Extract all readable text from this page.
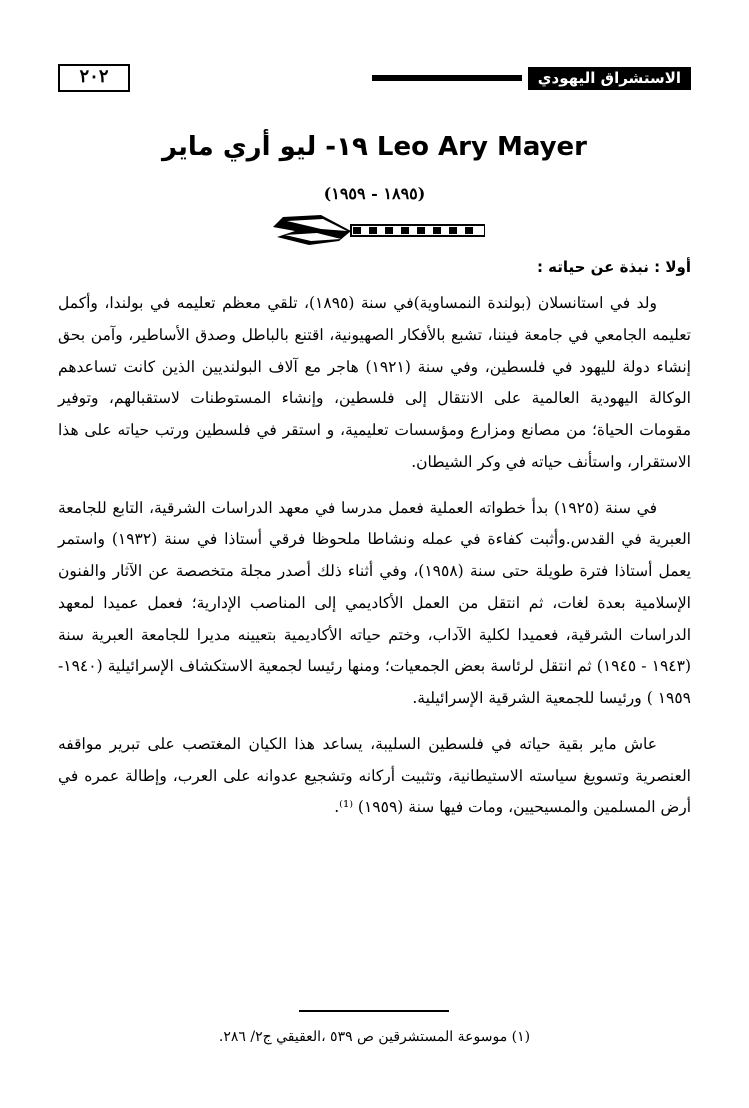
الاستشراق اليهودي
٢٠٢
Leo Ary Mayer ١٩- ليو أري ماير
(١٨٩٥ - ١٩٥٩)
أولا : نبذة عن حياته :

ولد في استانسلان (بولندة النمساوية)في سنة (١٨٩٥)، تلقي معظم تعليمه في بولندا، وأكمل تعليمه الجامعي في جامعة فيننا، تشبع بالأفكار الصهيونية، اقتنع بالباطل وصدق الأساطير، وآمن بحق إنشاء دولة لليهود في فلسطين، وفي سنة (١٩٢١) هاجر مع آلاف البولنديين الذين كانت تساعدهم الوكالة اليهودية العالمية على الانتقال إلى فلسطين، وإنشاء المستوطنات لاستقبالهم، وتوفير مقومات الحياة؛ من مصانع ومزارع ومؤسسات تعليمية، و استقر في فلسطين ورتب حياته على هذا الاستقرار، واستأنف حياته في وكر الشيطان.

في سنة (١٩٢٥) بدأ خطواته العملية فعمل مدرسا في معهد الدراسات الشرقية، التابع للجامعة العبرية في القدس.وأثبت كفاءة في عمله ونشاطا ملحوظا فرقي أستاذا في سنة (١٩٣٢) واستمر يعمل أستاذا فترة طويلة حتى سنة (١٩٥٨)، وفي أثناء ذلك أصدر مجلة متخصصة عن الآثار والفنون الإسلامية بعدة لغات، ثم انتقل من العمل الأكاديمي إلى المناصب الإدارية؛ فعمل عميدا لمعهد الدراسات الشرقية، فعميدا لكلية الآداب، وختم حياته الأكاديمية بتعيينه مديرا للجامعة العبرية سنة (١٩٤٣ - ١٩٤٥) ثم انتقل لرئاسة بعض الجمعيات؛ ومنها رئيسا لجمعية الاستكشاف الإسرائيلية (١٩٤٠- ١٩٥٩ ) ورئيسا للجمعية الشرقية الإسرائيلية.

عاش ماير بقية حياته في فلسطين السليبة، يساعد هذا الكيان المغتصب على تبرير مواقفه العنصرية وتسويغ سياسته الاستيطانية، وتثبيت أركانه وتشجيع عدوانه على العرب، وإطالة عمره في أرض المسلمين والمسيحيين، ومات فيها سنة (١٩٥٩) ⁽¹⁾.

(١) موسوعة المستشرقين ص ٥٣٩ ،العقيقي ج٢/ ٢٨٦.
